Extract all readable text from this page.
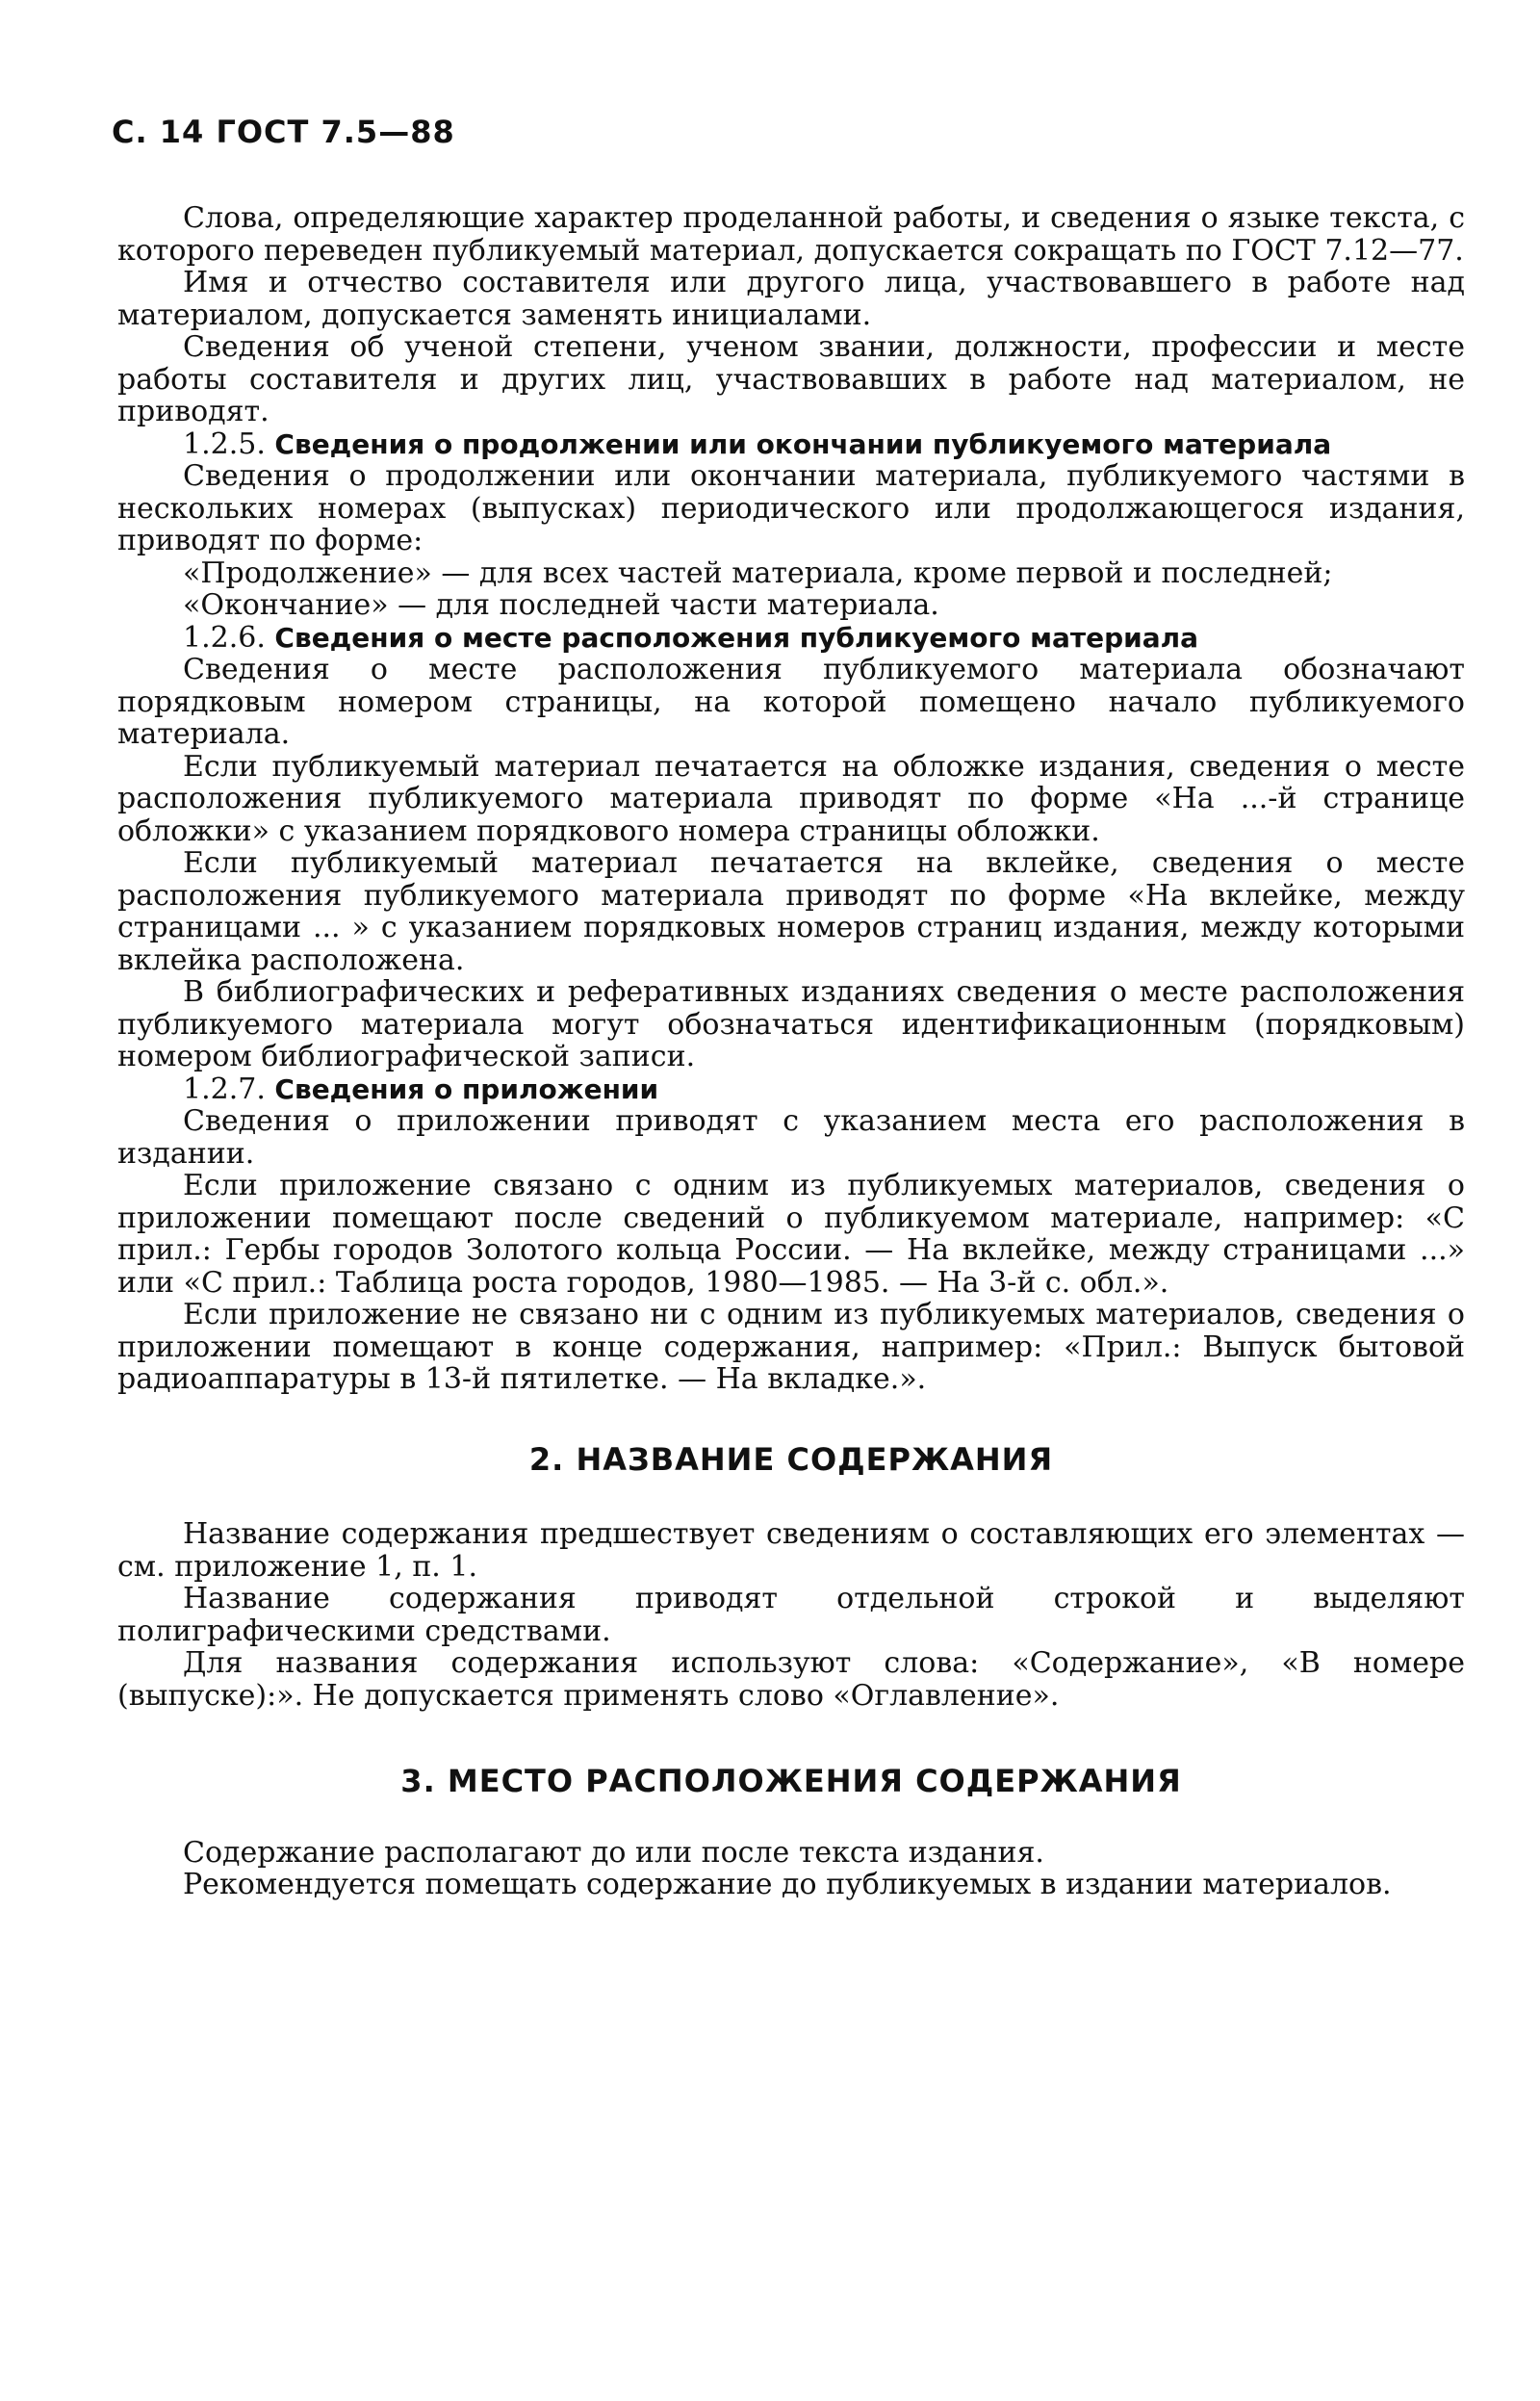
С. 14 ГОСТ 7.5—88

Слова, определяющие характер проделанной работы, и сведения о языке текста, с которого переведен публикуемый материал, допускается сокращать по ГОСТ 7.12—77.

Имя и отчество составителя или другого лица, участвовавшего в работе над материалом, допускается заменять инициалами.

Сведения об ученой степени, ученом звании, должности, профессии и месте работы составителя и других лиц, участвовавших в работе над материалом, не приводят.

1.2.5. Сведения о продолжении или окончании публикуемого материала

Сведения о продолжении или окончании материала, публикуемого частями в нескольких номерах (выпусках) периодического или продолжающегося издания, приводят по форме:

«Продолжение» — для всех частей материала, кроме первой и последней;

«Окончание» — для последней части материала.

1.2.6. Сведения о месте расположения публикуемого материала

Сведения о месте расположения публикуемого материала обозначают порядковым номером страницы, на которой помещено начало публикуемого материала.

Если публикуемый материал печатается на обложке издания, сведения о месте расположения публикуемого материала приводят по форме «На ...-й странице обложки» с указанием порядкового номера страницы обложки.

Если публикуемый материал печатается на вклейке, сведения о месте расположения публикуемого материала приводят по форме «На вклейке, между страницами ... » с указанием порядковых номеров страниц издания, между которыми вклейка расположена.

В библиографических и реферативных изданиях сведения о месте расположения публикуемого материала могут обозначаться идентификационным (порядковым) номером библиографической записи.

1.2.7. Сведения о приложении

Сведения о приложении приводят с указанием места его расположения в издании.

Если приложение связано с одним из публикуемых материалов, сведения о приложении помещают после сведений о публикуемом материале, например: «С прил.: Гербы городов Золотого кольца России. — На вклейке, между страницами ...» или «С прил.: Таблица роста городов, 1980—1985. — На 3-й с. обл.».

Если приложение не связано ни с одним из публикуемых материалов, сведения о приложении помещают в конце содержания, например: «Прил.: Выпуск бытовой радиоаппаратуры в 13-й пятилетке. — На вкладке.».

2. НАЗВАНИЕ СОДЕРЖАНИЯ

Название содержания предшествует сведениям о составляющих его элементах — см. приложение 1, п. 1.

Название содержания приводят отдельной строкой и выделяют полиграфическими средствами.

Для названия содержания используют слова: «Содержание», «В номере (выпуске):». Не допускается применять слово «Оглавление».

3. МЕСТО РАСПОЛОЖЕНИЯ СОДЕРЖАНИЯ

Содержание располагают до или после текста издания.

Рекомендуется помещать содержание до публикуемых в издании материалов.
